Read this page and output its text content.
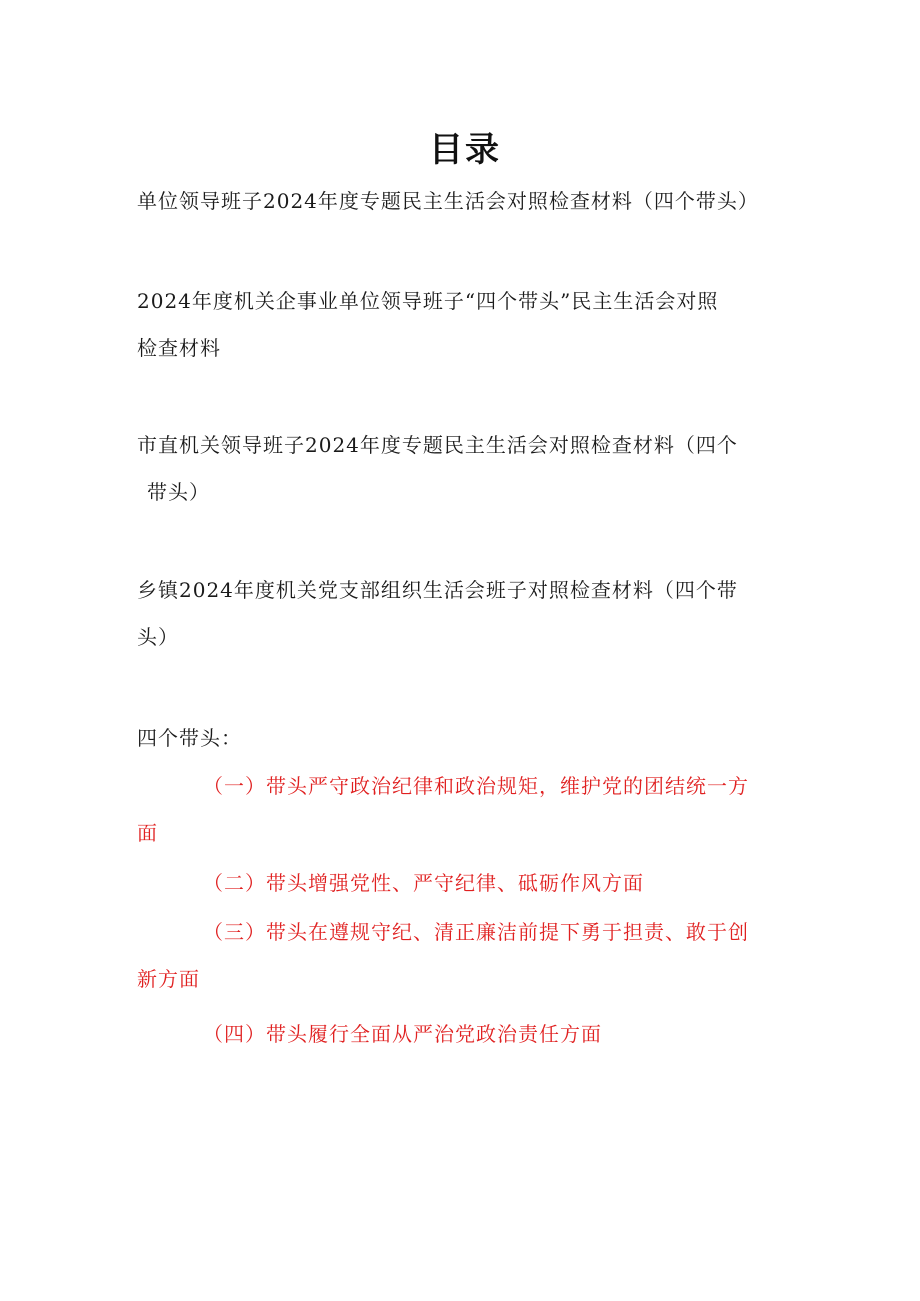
目录
单位领导班子2024年度专题民主生活会对照检查材料（四个带头）
2024年度机关企事业单位领导班子“四个带头”民主生活会对照
检查材料
市直机关领导班子2024年度专题民主生活会对照检查材料（四个
带头）
乡镇2024年度机关党支部组织生活会班子对照检查材料（四个带
头）
四个带头：
（一）带头严守政治纪律和政治规矩，维护党的团结统一方
面
（二）带头增强党性、严守纪律、砥砺作风方面
（三）带头在遵规守纪、清正廉洁前提下勇于担责、敢于创
新方面
（四）带头履行全面从严治党政治责任方面
